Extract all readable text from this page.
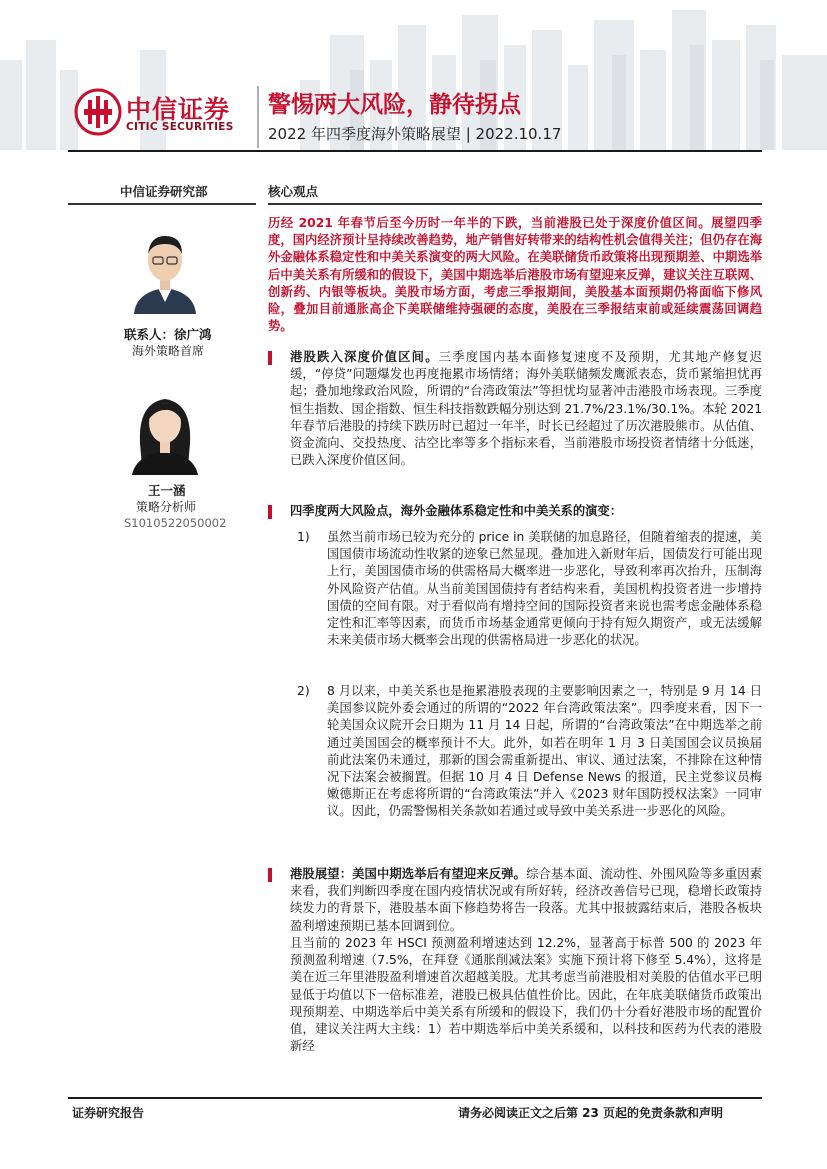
中信证券
CITIC SECURITIES
警惕两大风险，静待拐点
2022 年四季度海外策略展望 | 2022.10.17
中信证券研究部
联系人：徐广鸿
海外策略首席
王一涵
策略分析师
S1010522050002
核心观点
历经 2021 年春节后至今历时一年半的下跌，当前港股已处于深度价值区间。展望四季度，国内经济预计呈持续改善趋势，地产销售好转带来的结构性机会值得关注；但仍存在海外金融体系稳定性和中美关系演变的两大风险。在美联储货币政策将出现预期差、中期选举后中美关系有所缓和的假设下，美国中期选举后港股市场有望迎来反弹，建议关注互联网、创新药、内银等板块。美股市场方面，考虑三季报期间，美股基本面预期仍将面临下修风险，叠加目前通胀高企下美联储维持强硬的态度，美股在三季报结束前或延续震荡回调趋势。
港股跌入深度价值区间。三季度国内基本面修复速度不及预期，尤其地产修复迟缓，“停贷”问题爆发也再度拖累市场情绪；海外美联储频发鹰派表态，货币紧缩担忧再起；叠加地缘政治风险，所谓的“台湾政策法”等担忧均显著冲击港股市场表现。三季度恒生指数、国企指数、恒生科技指数跌幅分别达到 21.7%/23.1%/30.1%。本轮 2021 年春节后港股的持续下跌历时已超过一年半，时长已经超过了历次港股熊市。从估值、资金流向、交投热度、沽空比率等多个指标来看，当前港股市场投资者情绪十分低迷，已跌入深度价值区间。
四季度两大风险点，海外金融体系稳定性和中美关系的演变：
1) 虽然当前市场已较为充分的 price in 美联储的加息路径，但随着缩表的提速，美国国债市场流动性收紧的迹象已然显现。叠加进入新财年后，国债发行可能出现上行，美国国债市场的供需格局大概率进一步恶化，导致利率再次抬升，压制海外风险资产估值。从当前美国国债持有者结构来看，美国机构投资者进一步增持国债的空间有限。对于看似尚有增持空间的国际投资者来说也需考虑金融体系稳定性和汇率等因素，而货币市场基金通常更倾向于持有短久期资产，或无法缓解未来美债市场大概率会出现的供需格局进一步恶化的状况。
2) 8 月以来，中美关系也是拖累港股表现的主要影响因素之一，特别是 9 月 14 日美国参议院外委会通过的所谓的“2022 年台湾政策法案”。四季度来看，因下一轮美国众议院开会日期为 11 月 14 日起，所谓的“台湾政策法”在中期选举之前通过美国国会的概率预计不大。此外，如若在明年 1 月 3 日美国国会议员换届前此法案仍未通过，那新的国会需重新提出、审议、通过法案，不排除在这种情况下法案会被搁置。但据 10 月 4 日 Defense News 的报道，民主党参议员梅嫩德斯正在考虑将所谓的“台湾政策法”并入《2023 财年国防授权法案》一同审议。因此，仍需警惕相关条款如若通过或导致中美关系进一步恶化的风险。
港股展望：美国中期选举后有望迎来反弹。综合基本面、流动性、外围风险等多重因素来看，我们判断四季度在国内疫情状况或有所好转，经济改善信号已现，稳增长政策持续发力的背景下，港股基本面下修趋势将告一段落。尤其中报披露结束后，港股各板块盈利增速预期已基本回调到位。
且当前的 2023 年 HSCI 预测盈利增速达到 12.2%，显著高于标普 500 的 2023 年预测盈利增速（7.5%，在拜登《通胀削减法案》实施下预计将下修至 5.4%），这将是美在近三年里港股盈利增速首次超越美股。尤其考虑当前港股相对美股的估值水平已明显低于均值以下一倍标准差，港股已极具估值性价比。因此，在年底美联储货币政策出现预期差、中期选举后中美关系有所缓和的假设下，我们仍十分看好港股市场的配置价值，建议关注两大主线：1）若中期选举后中美关系缓和，以科技和医药为代表的港股新经
证券研究报告	请务必阅读正文之后第 23 页起的免责条款和声明
